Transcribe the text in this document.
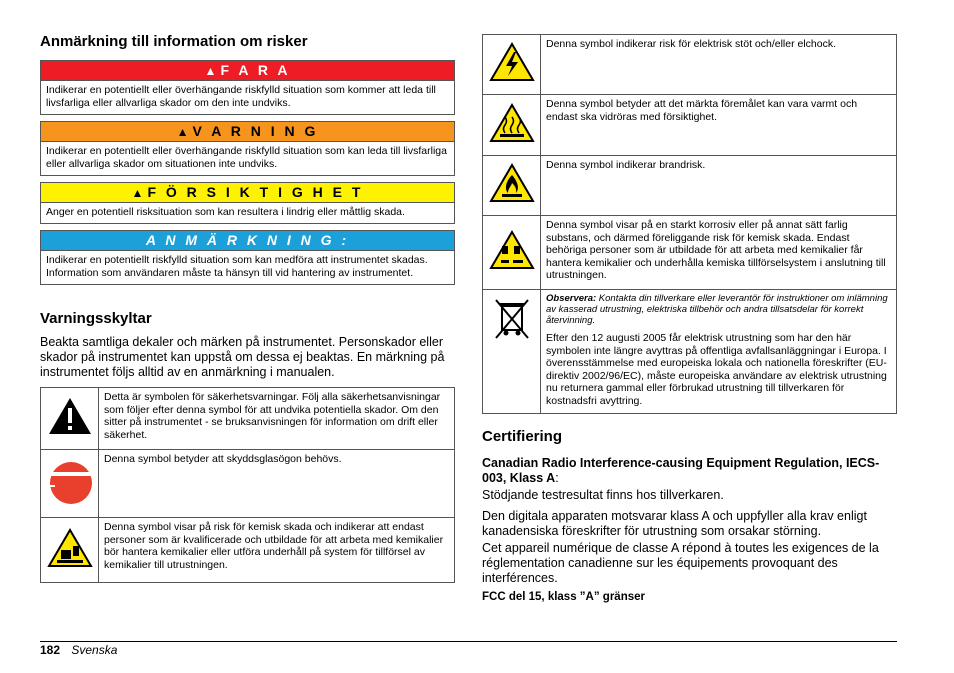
Anmärkning till information om risker
▲ F A R A
Indikerar en potentiellt eller överhängande riskfylld situation som kommer att leda till livsfarliga eller allvarliga skador om den inte undviks.
▲ V A R N I N G
Indikerar en potentiellt eller överhängande riskfylld situation som kan leda till livsfarliga eller allvarliga skador om situationen inte undviks.
▲ F Ö R S I K T I G H E T
Anger en potentiell risksituation som kan resultera i lindrig eller måttlig skada.
A N M Ä R K N I N G :
Indikerar en potentiellt riskfylld situation som kan medföra att instrumentet skadas. Information som användaren måste ta hänsyn till vid hantering av instrumentet.
Varningsskyltar

Beakta samtliga dekaler och märken på instrumentet. Personskador eller skador på instrumentet kan uppstå om dessa ej beaktas. En märkning på instrumentet följs alltid av en anmärkning i manualen.

	Detta är symbolen för säkerhetsvarningar. Följ alla säkerhetsanvisningar som följer efter denna symbol för att undvika potentiella skador. Om den sitter på instrumentet - se bruksanvisningen för information om drift eller säkerhet.
	Denna symbol betyder att skyddsglasögon behövs.
	Denna symbol visar på risk för kemisk skada och indikerar att endast personer som är kvalificerade och utbildade för att arbeta med kemikalier bör hantera kemikalier eller utföra underhåll på system för tillförsel av kemikalier till utrustningen.
	Denna symbol indikerar risk för elektrisk stöt och/eller elchock.
	Denna symbol betyder att det märkta föremålet kan vara varmt och endast ska vidröras med försiktighet.
	Denna symbol indikerar brandrisk.
	Denna symbol visar på en starkt korrosiv eller på annat sätt farlig substans, och därmed föreliggande risk för kemisk skada. Endast behöriga personer som är utbildade för att arbeta med kemikalier får hantera kemikalier och underhålla kemiska tillförselsystem i anslutning till utrustningen.

Observera: Kontakta din tillverkare eller leverantör för instruktioner om inlämning av kasserad utrustning, elektriska tillbehör och andra tillsatsdelar för korrekt återvinning.
Efter den 12 augusti 2005 får elektrisk utrustning som har den här symbolen inte längre avyttras på offentliga avfallsanläggningar i Europa. I överensstämmelse med europeiska lokala och nationella föreskrifter (EU-direktiv 2002/96/EC), måste europeiska användare av elektrisk utrustning nu returnera gammal eller förbrukad utrustning till tillverkaren för kostnadsfri avyttring.
Certifiering

Canadian Radio Interference-causing Equipment Regulation, IECS-003, Klass A:

Stödjande testresultat finns hos tillverkaren.

Den digitala apparaten motsvarar klass A och uppfyller alla krav enligt kanadensiska föreskrifter för utrustning som orsakar störning.

Cet appareil numérique de classe A répond à toutes les exigences de la réglementation canadienne sur les équipements provoquant des interférences.

FCC del 15, klass ”A” gränser

182 Svenska
